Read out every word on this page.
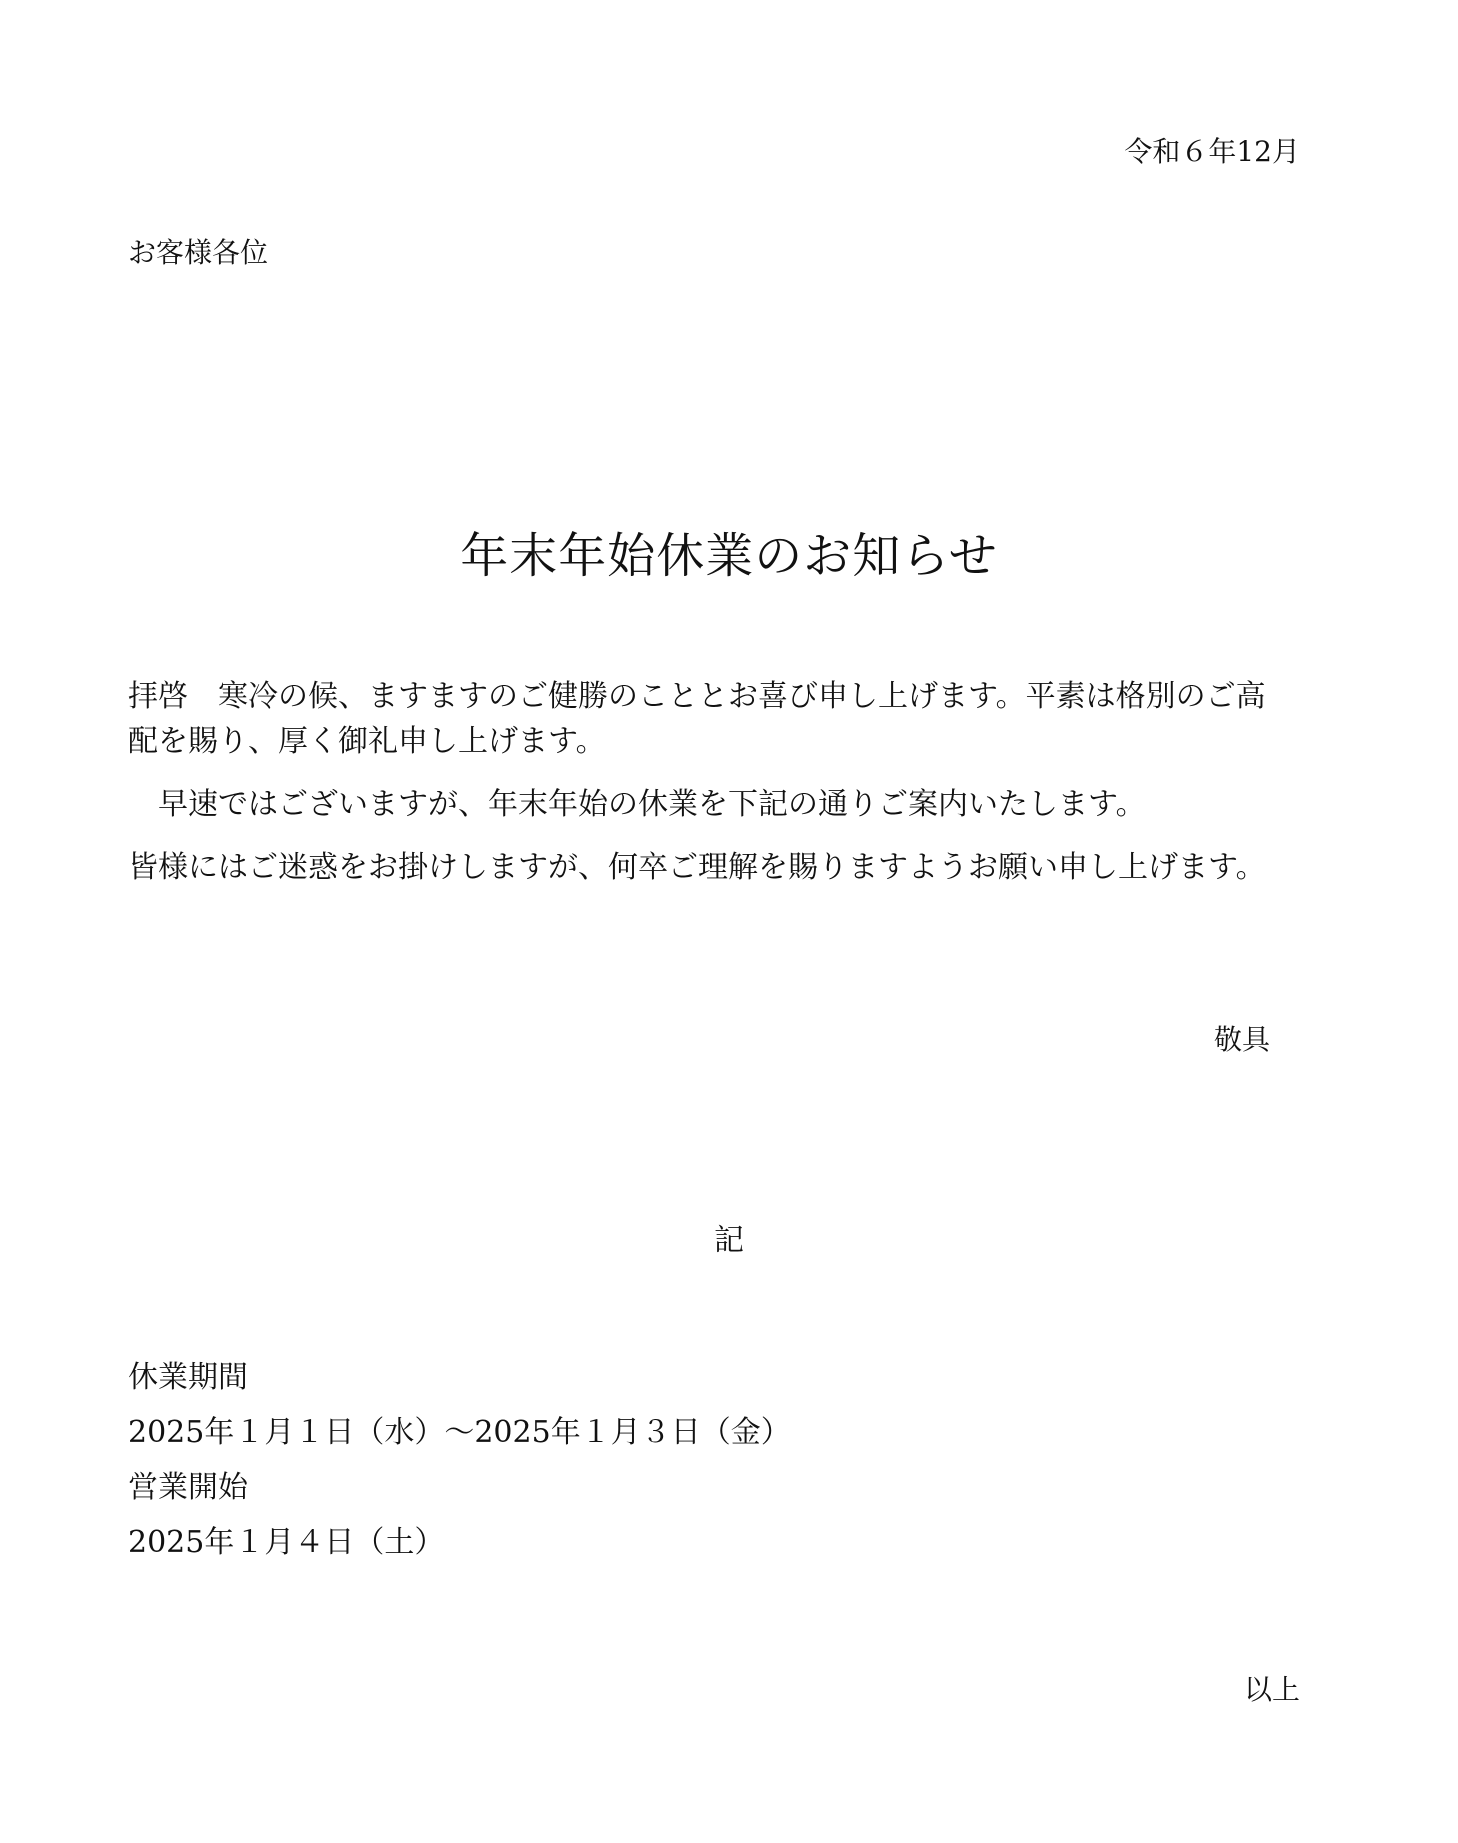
令和６年12月
お客様各位
年末年始休業のお知らせ

拝啓　寒冷の候、ますますのご健勝のこととお喜び申し上げます。平素は格別のご高配を賜り、厚く御礼申し上げます。

　早速ではございますが、年末年始の休業を下記の通りご案内いたします。

皆様にはご迷惑をお掛けしますが、何卒ご理解を賜りますようお願い申し上げます。

敬具
記
休業期間
2025年１月１日（水）～2025年１月３日（金）
営業開始
2025年１月４日（土）
以上
